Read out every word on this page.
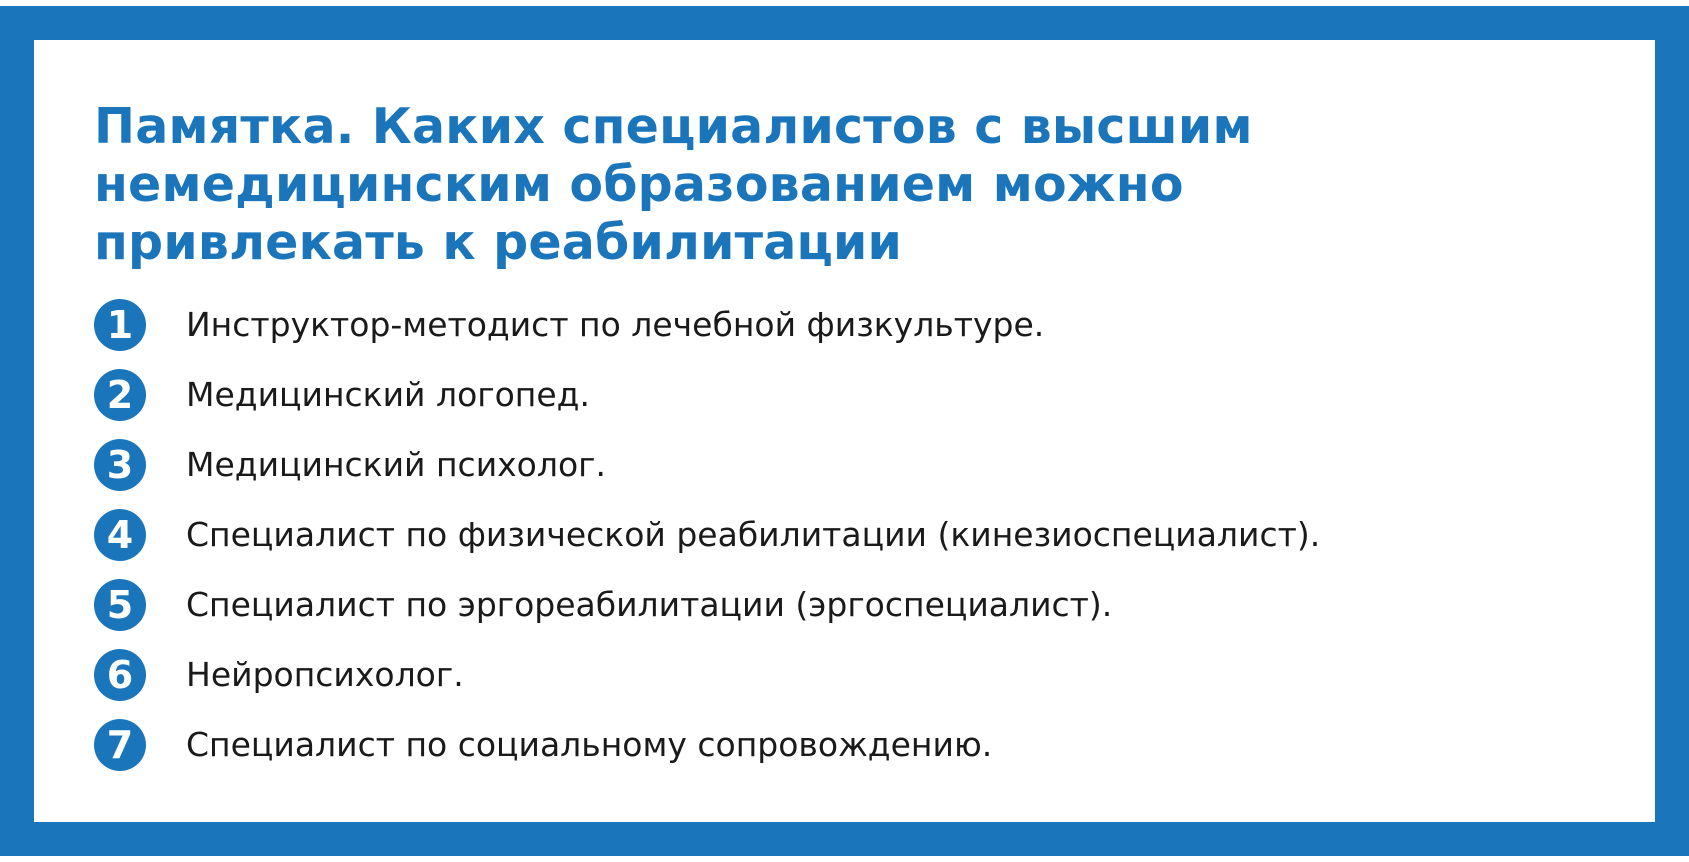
Памятка. Каких специалистов с высшим
немедицинским образованием можно
привлекать к реабилитации
1	Инструктор-методист по лечебной физкультуре.
2	Медицинский логопед.
3	Медицинский психолог.
4	Специалист по физической реабилитации (кинезиоспециалист).
5	Специалист по эргореабилитации (эргоспециалист).
6	Нейропсихолог.
7	Специалист по социальному сопровождению.
